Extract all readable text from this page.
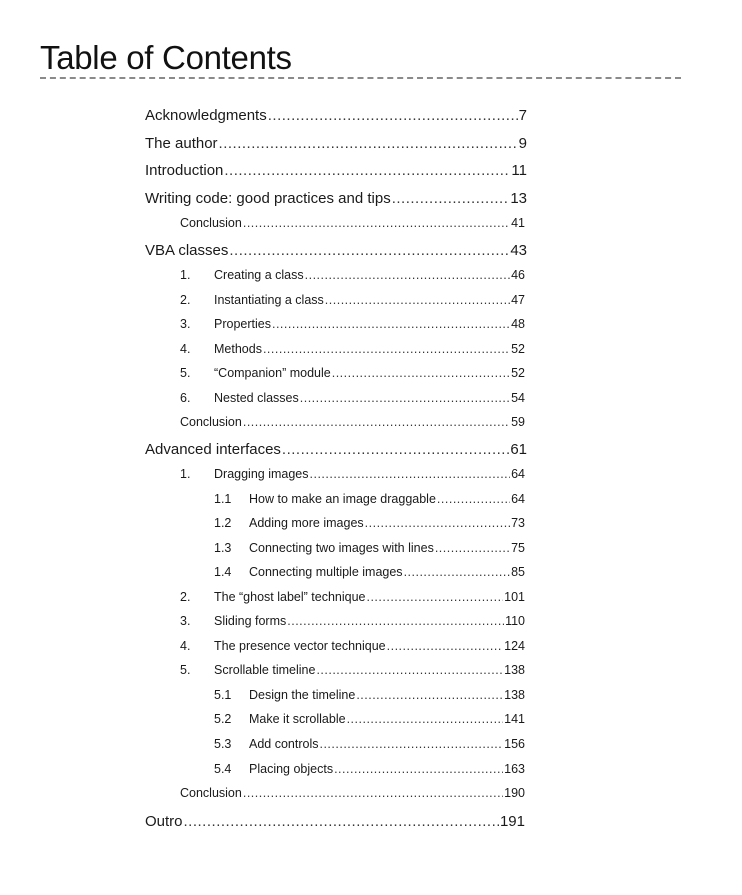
Table of Contents
Acknowledgments .....	7
The author .....	9
Introduction .....	11
Writing code: good practices and tips .....	13
Conclusion .....	41
VBA classes .....	43
1.	Creating a class .....	46
2.	Instantiating a class .....	47
3.	Properties .....	48
4.	Methods .....	52
5.	“Companion” module .....	52
6.	Nested classes .....	54
Conclusion .....	59
Advanced interfaces .....	61
1.	Dragging images .....	64
1.1	How to make an image draggable .....	64
1.2	Adding more images .....	73
1.3	Connecting two images with lines .....	75
1.4	Connecting multiple images .....	85
2.	The “ghost label” technique .....	101
3.	Sliding forms .....	110
4.	The presence vector technique .....	124
5.	Scrollable timeline .....	138
5.1	Design the timeline .....	138
5.2	Make it scrollable .....	141
5.3	Add controls .....	156
5.4	Placing objects .....	163
Conclusion .....	190
Outro .....	191
